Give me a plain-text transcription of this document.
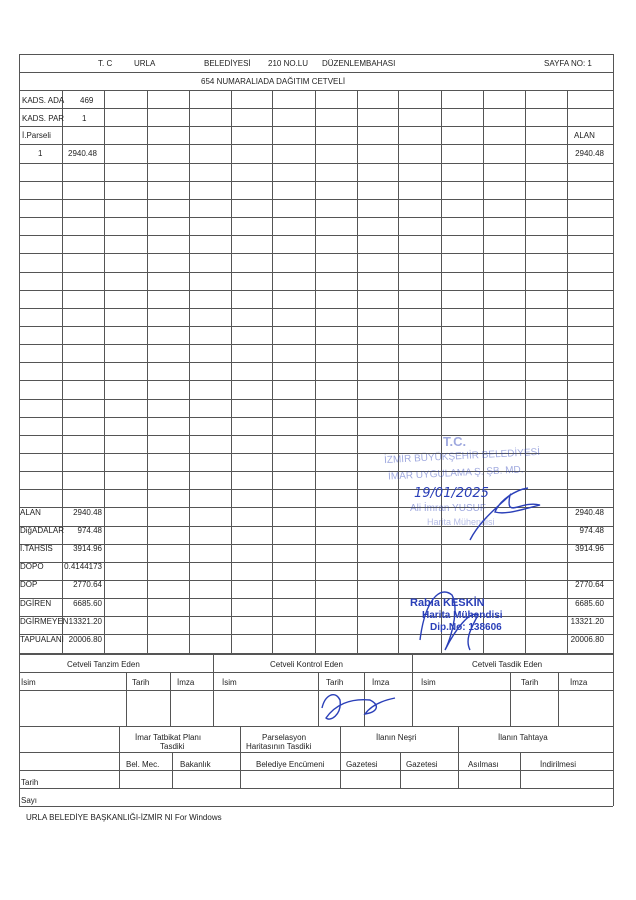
T. C	URLA	BELEDİYESİ 210 NO.LU DÜZENLEMBAHASI	SAYFA NO: 1
654 NUMARALIADA DAĞITIM CETVELİ
KADS. ADA 469
KADS. PAR 1
İ.Parseli	ALAN
1	2940.48	2940.48
ALAN	2940.48	2940.48
DiğADALAR	974.48	974.48
İ.TAHSİS	3914.96	3914.96
DOPO	0.4144173
DOP	2770.64	2770.64
DGİREN	6685.60	6685.60
DGİRMEYEN 13321.20	13321.20
TAPUALANI 20006.80	20006.80
Cetveli Tanzim Eden	Cetveli Kontrol Eden	Cetveli Tasdik Eden
İsim	Tarih	İmza	İsim	Tarih	İmza	İsim	Tarih	İmza
İmar Tatbikat Planı
Tasdiki
Parselasyon
Haritasının Tasdiki
İlanın Neşri	İlanın Tahtaya
Bel. Mec.	Bakanlık	Belediye Encümeni	Gazetesi	Gazetesi	Asılması	İndirilmesi
Tarih
Sayı
URLA BELEDİYE BAŞKANLIĞI-İZMİR NI For Windows
T.C.
İZMİR BÜYÜKŞEHİR BELEDİYESİ
İMAR UYGULAMA Ş. ŞB. MD.
19/01/2025
Ali İmran YUSUF
Harita Mühendisi
Rabia KESKİN
Harita Mühendisi
Dip.No: 138606
